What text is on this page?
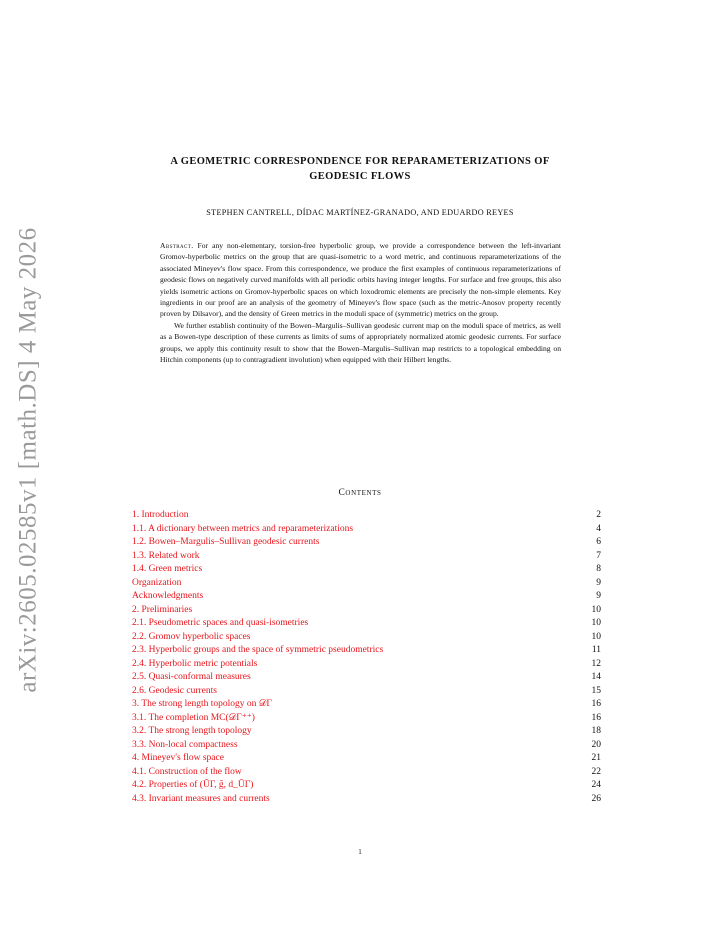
arXiv:2605.02585v1 [math.DS] 4 May 2026
A GEOMETRIC CORRESPONDENCE FOR REPARAMETERIZATIONS OF
GEODESIC FLOWS
STEPHEN CANTRELL, DÍDAC MARTÍNEZ-GRANADO, AND EDUARDO REYES

Abstract. For any non-elementary, torsion-free hyperbolic group, we provide a correspondence between the left-invariant Gromov-hyperbolic metrics on the group that are quasi-isometric to a word metric, and continuous reparameterizations of the associated Mineyev's flow space. From this correspondence, we produce the first examples of continuous reparameterizations of geodesic flows on negatively curved manifolds with all periodic orbits having integer lengths. For surface and free groups, this also yields isometric actions on Gromov-hyperbolic spaces on which loxodromic elements are precisely the non-simple elements. Key ingredients in our proof are an analysis of the geometry of Mineyev's flow space (such as the metric-Anosov property recently proven by Dilsavor), and the density of Green metrics in the moduli space of (symmetric) metrics on the group.

We further establish continuity of the Bowen–Margulis–Sullivan geodesic current map on the moduli space of metrics, as well as a Bowen-type description of these currents as limits of sums of appropriately normalized atomic geodesic currents. For surface groups, we apply this continuity result to show that the Bowen–Margulis–Sullivan map restricts to a topological embedding on Hitchin components (up to contragradient involution) when equipped with their Hilbert lengths.

Contents
1. Introduction	2
1.1. A dictionary between metrics and reparameterizations	4
1.2. Bowen–Margulis–Sullivan geodesic currents	6
1.3. Related work	7
1.4. Green metrics	8
Organization	9
Acknowledgments	9
2. Preliminaries	10
2.1. Pseudometric spaces and quasi-isometries	10
2.2. Gromov hyperbolic spaces	10
2.3. Hyperbolic groups and the space of symmetric pseudometrics	11
2.4. Hyperbolic metric potentials	12
2.5. Quasi-conformal measures	14
2.6. Geodesic currents	15
3. The strong length topology on 𝒟Γ	16
3.1. The completion MC(𝒟Γ⁺⁺)	16
3.2. The strong length topology	18
3.3. Non-local compactness	20
4. Mineyev's flow space	21
4.1. Construction of the flow	22
4.2. Properties of (ŨΓ, g̃, d_ŨΓ)	24
4.3. Invariant measures and currents	26
1
